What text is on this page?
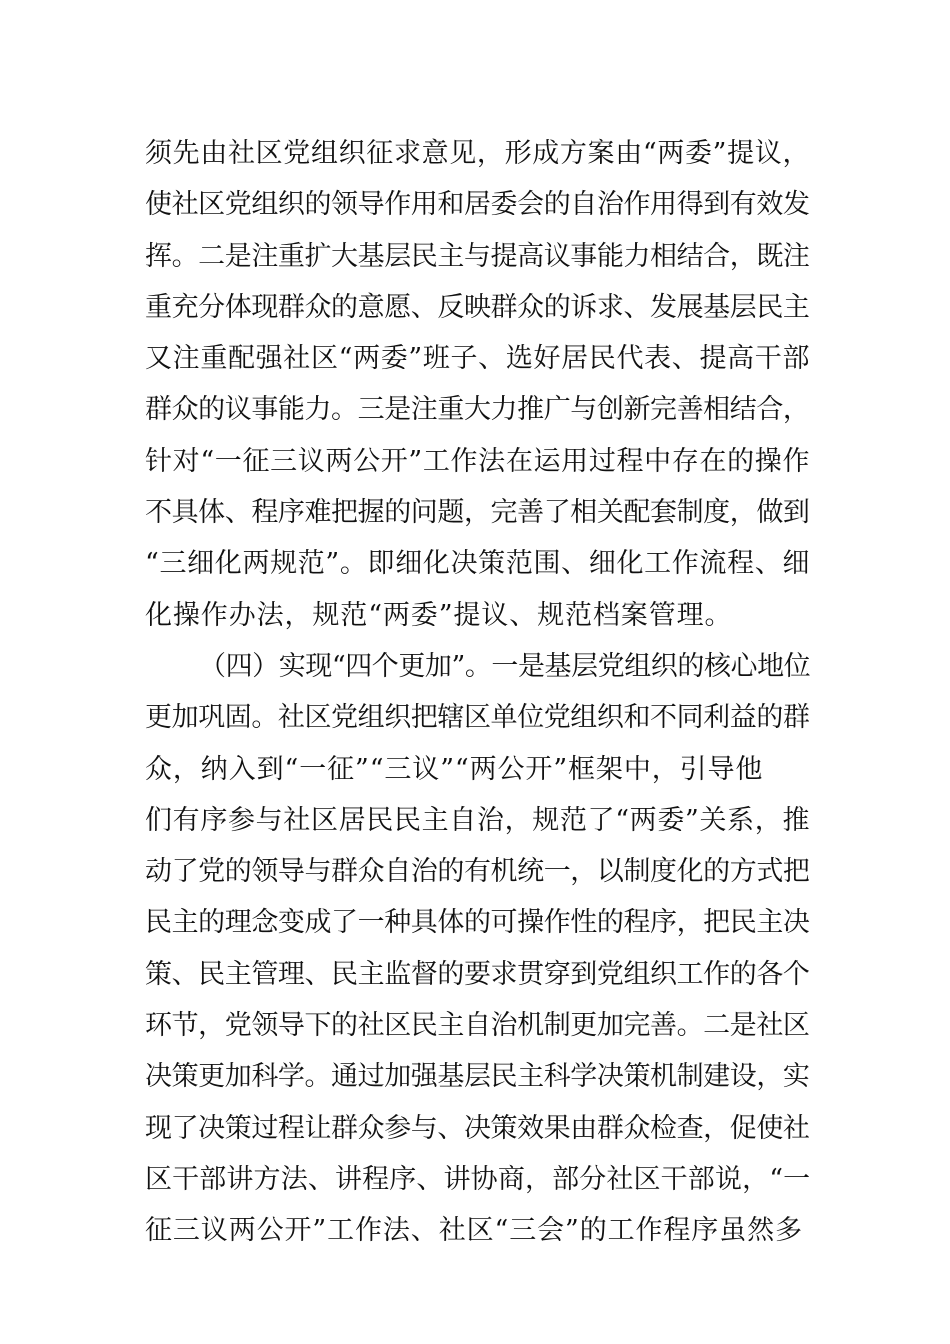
须先由社区党组织征求意见，形成方案由“两委”提议，
使社区党组织的领导作用和居委会的自治作用得到有效发
挥。二是注重扩大基层民主与提高议事能力相结合，既注
重充分体现群众的意愿、反映群众的诉求、发展基层民主
又注重配强社区“两委”班子、选好居民代表、提高干部
群众的议事能力。三是注重大力推广与创新完善相结合，
针对“一征三议两公开”工作法在运用过程中存在的操作
不具体、程序难把握的问题，完善了相关配套制度，做到
“三细化两规范”。即细化决策范围、细化工作流程、细
化操作办法，规范“两委”提议、规范档案管理。
（四）实现“四个更加”。一是基层党组织的核心地位
更加巩固。社区党组织把辖区单位党组织和不同利益的群
众，纳入到“一征”“三议”“两公开”框架中，引导他
们有序参与社区居民民主自治，规范了“两委”关系，推
动了党的领导与群众自治的有机统一，以制度化的方式把
民主的理念变成了一种具体的可操作性的程序，把民主决
策、民主管理、民主监督的要求贯穿到党组织工作的各个
环节，党领导下的社区民主自治机制更加完善。二是社区
决策更加科学。通过加强基层民主科学决策机制建设，实
现了决策过程让群众参与、决策效果由群众检查，促使社
区干部讲方法、讲程序、讲协商，部分社区干部说，“一
征三议两公开”工作法、社区“三会”的工作程序虽然多
